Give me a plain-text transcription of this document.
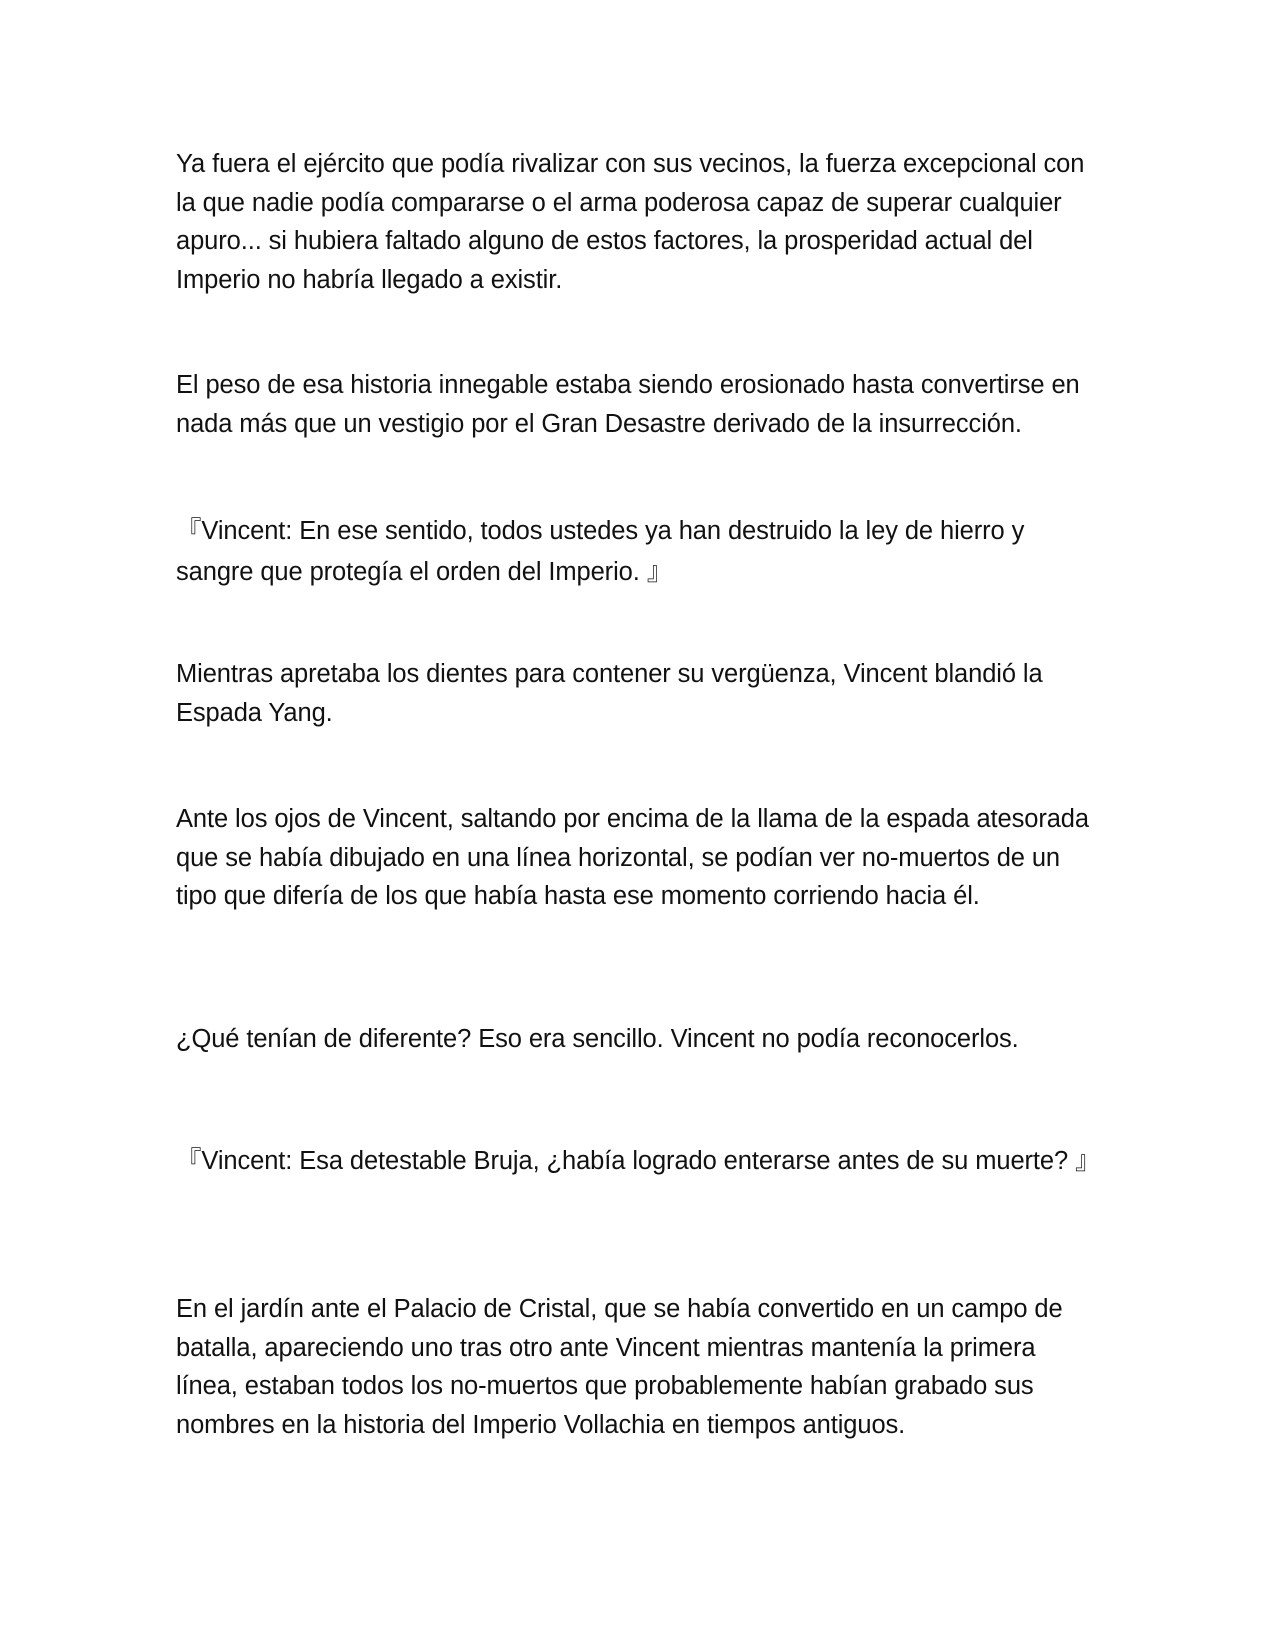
Ya fuera el ejército que podía rivalizar con sus vecinos, la fuerza excepcional con la que nadie podía compararse o el arma poderosa capaz de superar cualquier apuro... si hubiera faltado alguno de estos factores, la prosperidad actual del Imperio no habría llegado a existir.

El peso de esa historia innegable estaba siendo erosionado hasta convertirse en nada más que un vestigio por el Gran Desastre derivado de la insurrección.

『Vincent: En ese sentido, todos ustedes ya han destruido la ley de hierro y sangre que protegía el orden del Imperio. 』

Mientras apretaba los dientes para contener su vergüenza, Vincent blandió la Espada Yang.

Ante los ojos de Vincent, saltando por encima de la llama de la espada atesorada que se había dibujado en una línea horizontal, se podían ver no-muertos de un tipo que difería de los que había hasta ese momento corriendo hacia él.

¿Qué tenían de diferente? Eso era sencillo. Vincent no podía reconocerlos.

『Vincent: Esa detestable Bruja, ¿había logrado enterarse antes de su muerte? 』

En el jardín ante el Palacio de Cristal, que se había convertido en un campo de batalla, apareciendo uno tras otro ante Vincent mientras mantenía la primera línea, estaban todos los no-muertos que probablemente habían grabado sus nombres en la historia del Imperio Vollachia en tiempos antiguos.
